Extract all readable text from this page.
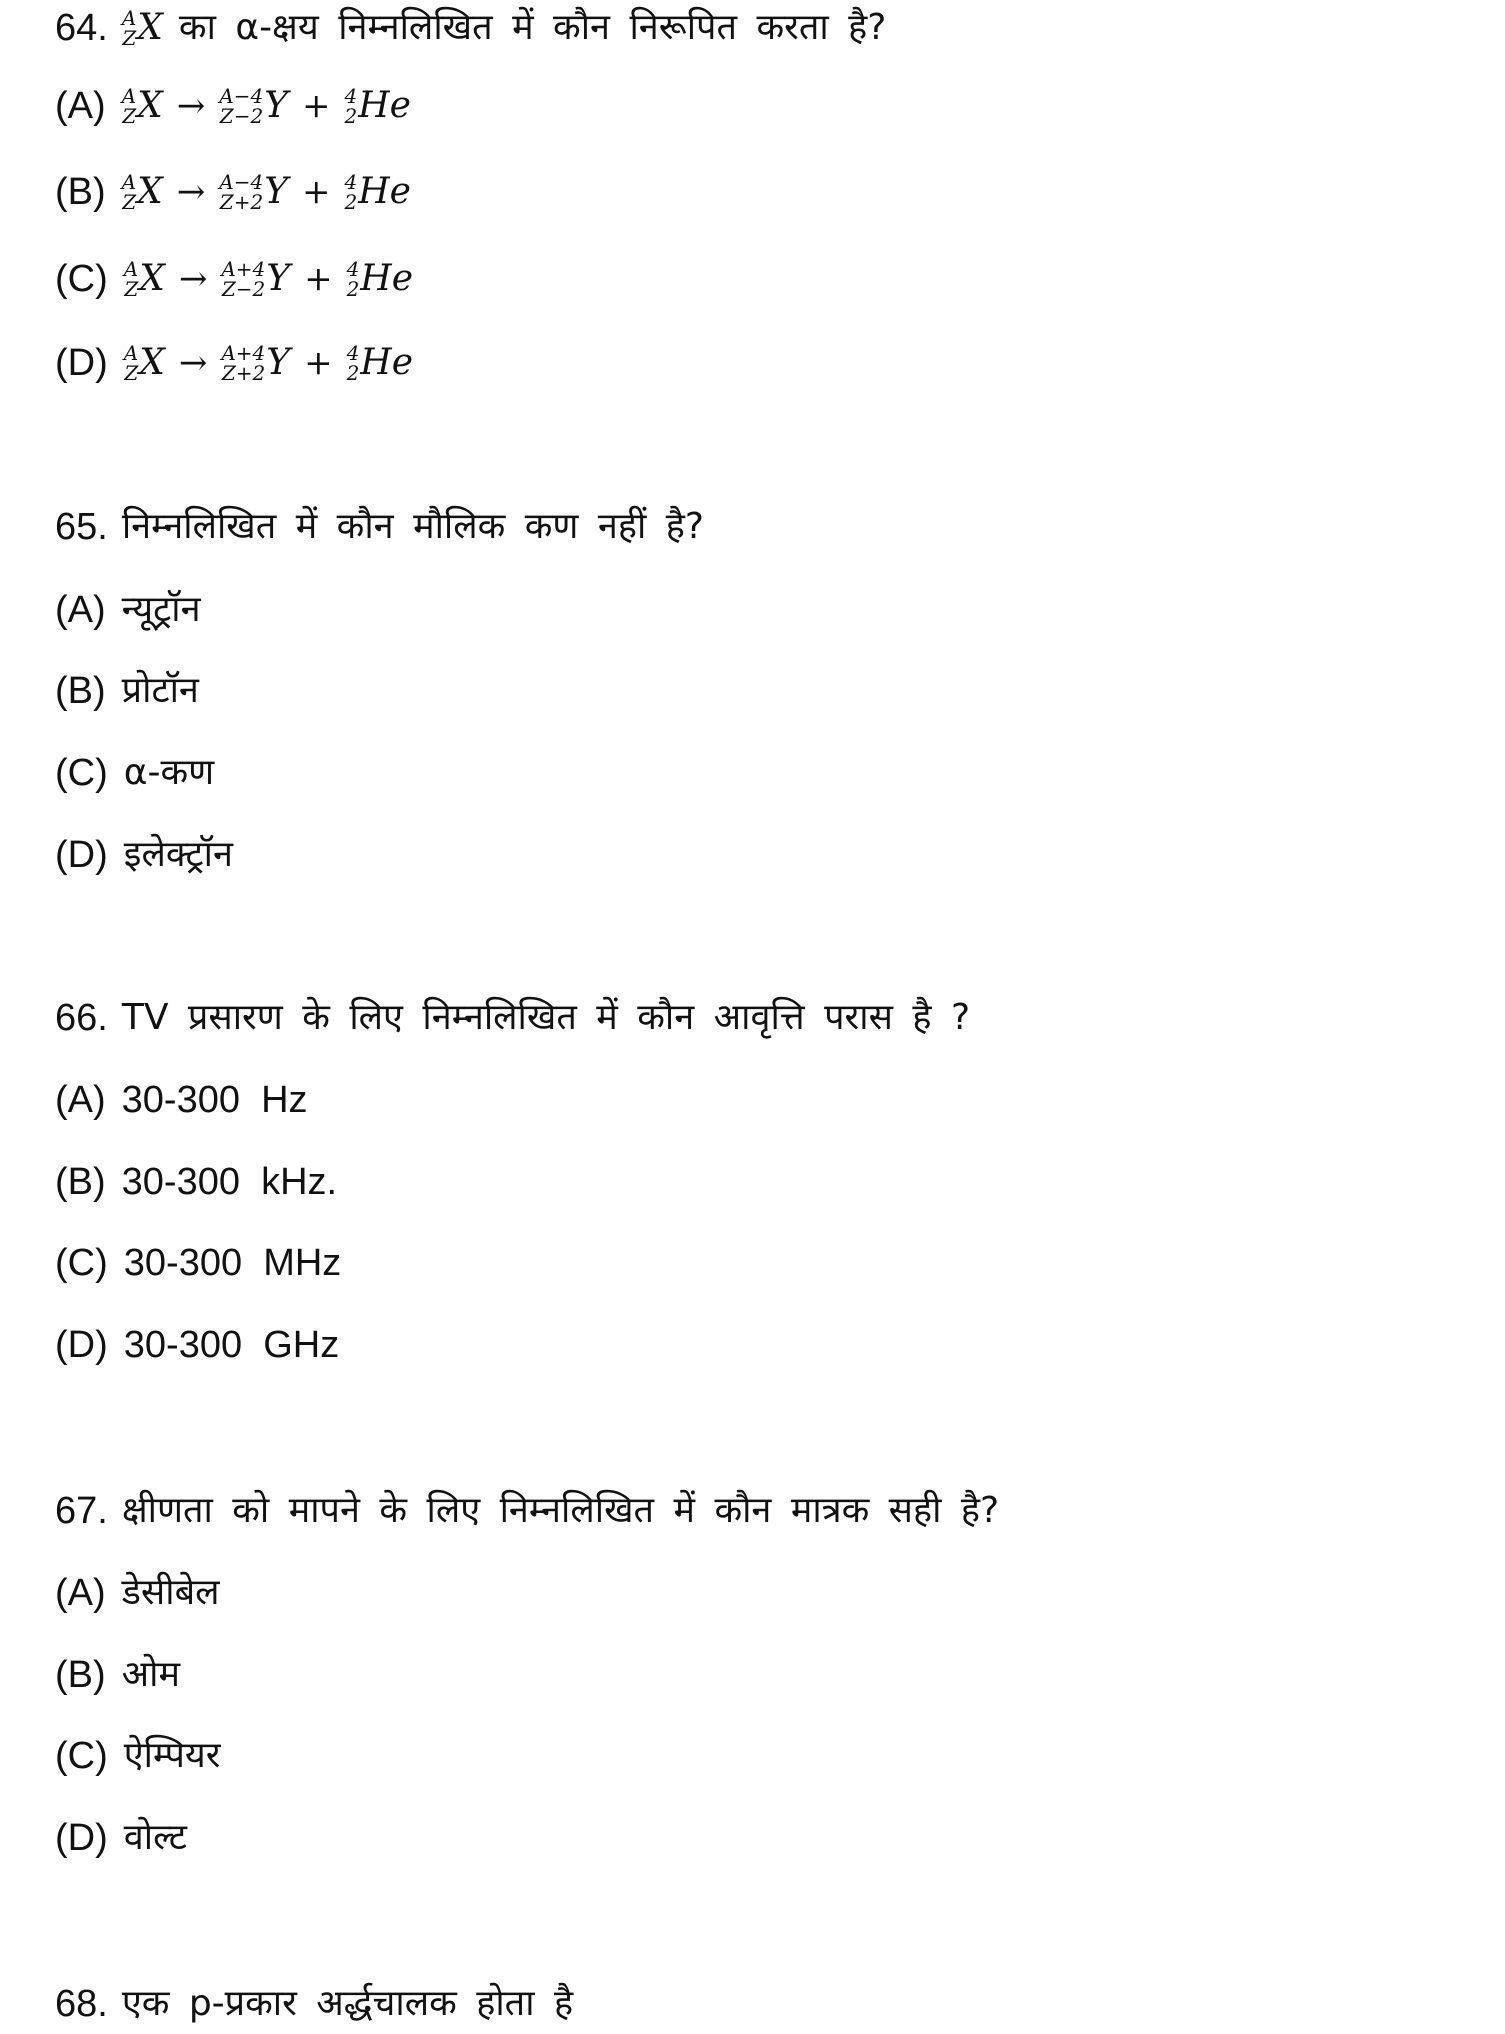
64. A
Z X का α-क्षय निम्नलिखित में कौन निरूपित करता है?
(A) A
Z X → A−4
Z−2 Y + 4
2 He
(B) A
Z X → A−4
Z+2 Y + 4
2 He
(C) A
Z X → A+4
Z−2 Y + 4
2 He
(D) A
Z X → A+4
Z+2 Y + 4
2 He
65. निम्नलिखित में कौन मौलिक कण नहीं है?
(A) न्यूट्रॉन
(B) प्रोटॉन
(C) α-कण
(D) इलेक्ट्रॉन
66. TV प्रसारण के लिए निम्नलिखित में कौन आवृत्ति परास है ?
(A) 30-300  Hz
(B) 30-300  kHz.
(C) 30-300  MHz
(D) 30-300  GHz
67. क्षीणता को मापने के लिए निम्नलिखित में कौन मात्रक सही है?
(A) डेसीबेल
(B) ओम
(C) ऐम्पियर
(D) वोल्ट
68. एक p-प्रकार अर्द्धचालक होता है
